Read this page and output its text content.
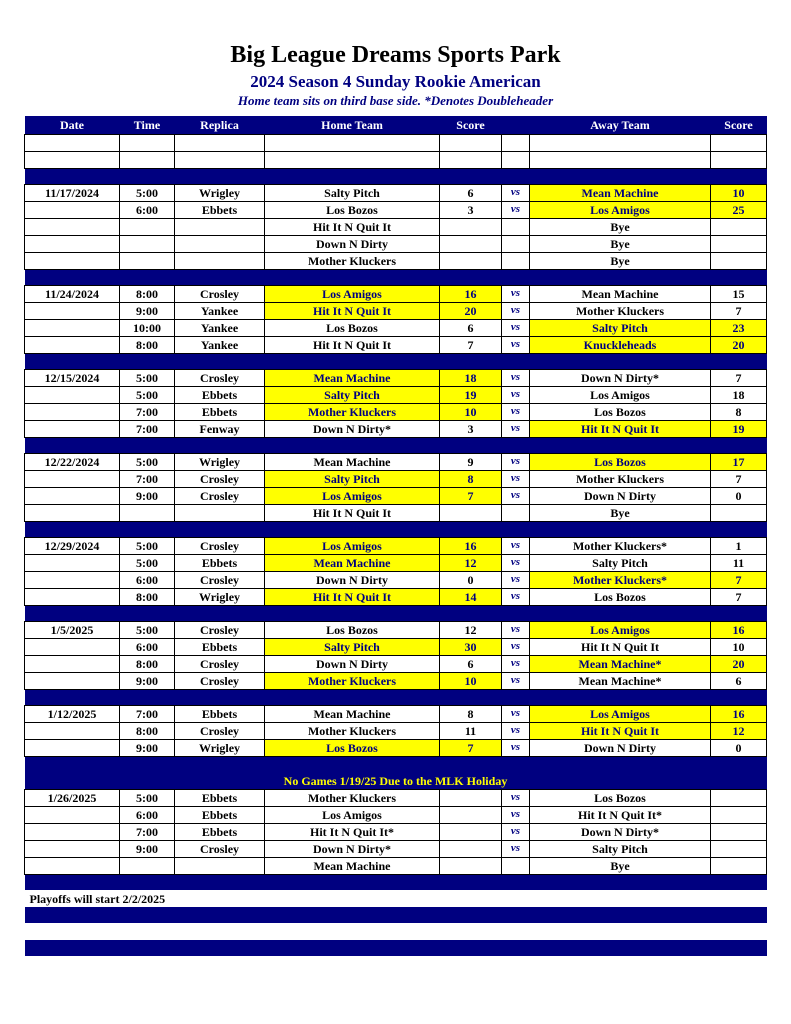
Big League Dreams Sports Park
2024 Season 4 Sunday Rookie American
Home team sits on third base side. *Denotes Doubleheader
Date	Time	Replica	Home Team	Score		Away Team	Score

11/17/2024	5:00	Wrigley	Salty Pitch	6	vs	Mean Machine	10
	6:00	Ebbets	Los Bozos	3	vs	Los Amigos	25
			Hit It N Quit It			Bye	
			Down N Dirty			Bye	
			Mother Kluckers			Bye	

11/24/2024	8:00	Crosley	Los Amigos	16	vs	Mean Machine	15
	9:00	Yankee	Hit It N Quit It	20	vs	Mother Kluckers	7
	10:00	Yankee	Los Bozos	6	vs	Salty Pitch	23
	8:00	Yankee	Hit It N Quit It	7	vs	Knuckleheads	20

12/15/2024	5:00	Crosley	Mean Machine	18	vs	Down N Dirty*	7
	5:00	Ebbets	Salty Pitch	19	vs	Los Amigos	18
	7:00	Ebbets	Mother Kluckers	10	vs	Los Bozos	8
	7:00	Fenway	Down N Dirty*	3	vs	Hit It N Quit It	19

12/22/2024	5:00	Wrigley	Mean Machine	9	vs	Los Bozos	17
	7:00	Crosley	Salty Pitch	8	vs	Mother Kluckers	7
	9:00	Crosley	Los Amigos	7	vs	Down N Dirty	0
			Hit It N Quit It			Bye	

12/29/2024	5:00	Crosley	Los Amigos	16	vs	Mother Kluckers*	1
	5:00	Ebbets	Mean Machine	12	vs	Salty Pitch	11
	6:00	Crosley	Down N Dirty	0	vs	Mother Kluckers*	7
	8:00	Wrigley	Hit It N Quit It	14	vs	Los Bozos	7

1/5/2025	5:00	Crosley	Los Bozos	12	vs	Los Amigos	16
	6:00	Ebbets	Salty Pitch	30	vs	Hit It N Quit It	10
	8:00	Crosley	Down N Dirty	6	vs	Mean Machine*	20
	9:00	Crosley	Mother Kluckers	10	vs	Mean Machine*	6

1/12/2025	7:00	Ebbets	Mean Machine	8	vs	Los Amigos	16
	8:00	Crosley	Mother Kluckers	11	vs	Hit It N Quit It	12
	9:00	Wrigley	Los Bozos	7	vs	Down N Dirty	0

No Games 1/19/25 Due to the MLK Holiday							
1/26/2025	5:00	Ebbets	Mother Kluckers		vs	Los Bozos	
	6:00	Ebbets	Los Amigos		vs	Hit It N Quit It*	
	7:00	Ebbets	Hit It N Quit It*		vs	Down N Dirty*	
	9:00	Crosley	Down N Dirty*		vs	Salty Pitch	
			Mean Machine			Bye	

Playoffs will start 2/2/2025							
